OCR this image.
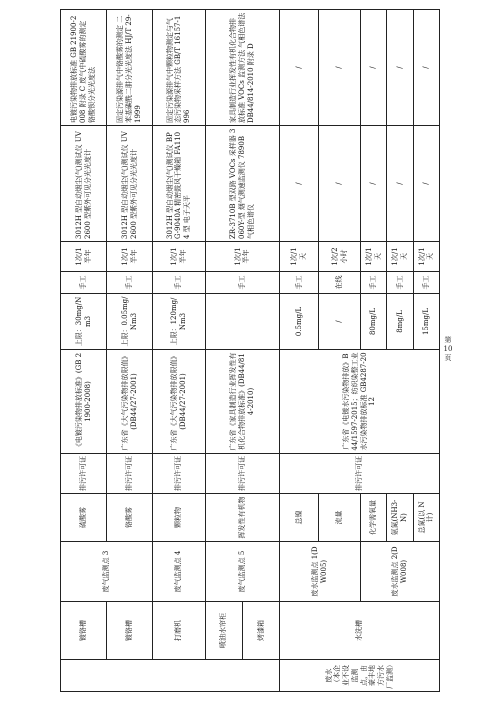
	镀铬槽	废气监测点 3	硫酸雾	排污许可证	《电镀污染物排放标准》(GB 21900-2008)	上限：30mg/Nm3	手工	1次/1半年	3012H 型自动烟尘(气)测试仪 UV2600 型紫外可见分光光度计	电镀污染物排放标准 GB 21900-2008 附录 C 废气中硫酸雾的测定 铬酸钡分光光度法
	镀铬槽		铬酸雾	排污许可证	广东省《大气污染物排放限值》(DB44/27-2001)	上限：0.05mg/Nm3	手工	1次/1半年	3012H 型自动烟尘(气)测试仪 UV2600 型紫外可见分光光度计	固定污染源排气中铬酸雾的测定 二苯基碳酰二肼分光光度法 HJ/T 29-1999
	打磨机	废气监测点 4	颗粒物	排污许可证	广东省《大气污染物排放限值》(DB44/27-2001)	上限：120mg/Nm3	手工	1次/1半年	3012H 型自动烟尘(气)测试仪 BPG-9040A 精密鼓风干燥箱 FA1104 型 电子天平	固定污染源排气中颗粒物测定与气态污染物采样方法 GB/T 16157-1996
	喷油水帘柜	废气监测点 5	挥发性有机物	排污许可证	广东省《家具制造行业挥发性有机化合物排放标准》(DB44/814-2010)		手工	1次/1半年	ZR-3710B 型双路 VOCs 采样器 3060Y-型 烟气测速监测仪 7890B 气相色谱仪	家具制造行业挥发性有机化合物排放标准 VOCs 监测方法 气相色谱法 DB44/814-2010 附录 D
	烤漆箱									
废水（本企业不设监测点，由豪丰地方污水厂监测）	水洗槽	废水监测点 1(DW005)	总镍	排污许可证	广东省《电镀水污染物排放》B44/1597-2015；纺织染整工业水污染物排放标准 GB4287-2012	0.5mg/L	手工	1次/1天	/	/
			流量			/	在线	1次/2小时	/	/
		废水监测点 2(DW008)	化学需氧量			80mg/L	手工	1次/1天	/	/
			氨氮(NH3-N)			8mg/L	手工	1次/1天	/	/
			总氮(以 N 计)			15mg/L	手工	1次/1天	/	/
第 10 页
